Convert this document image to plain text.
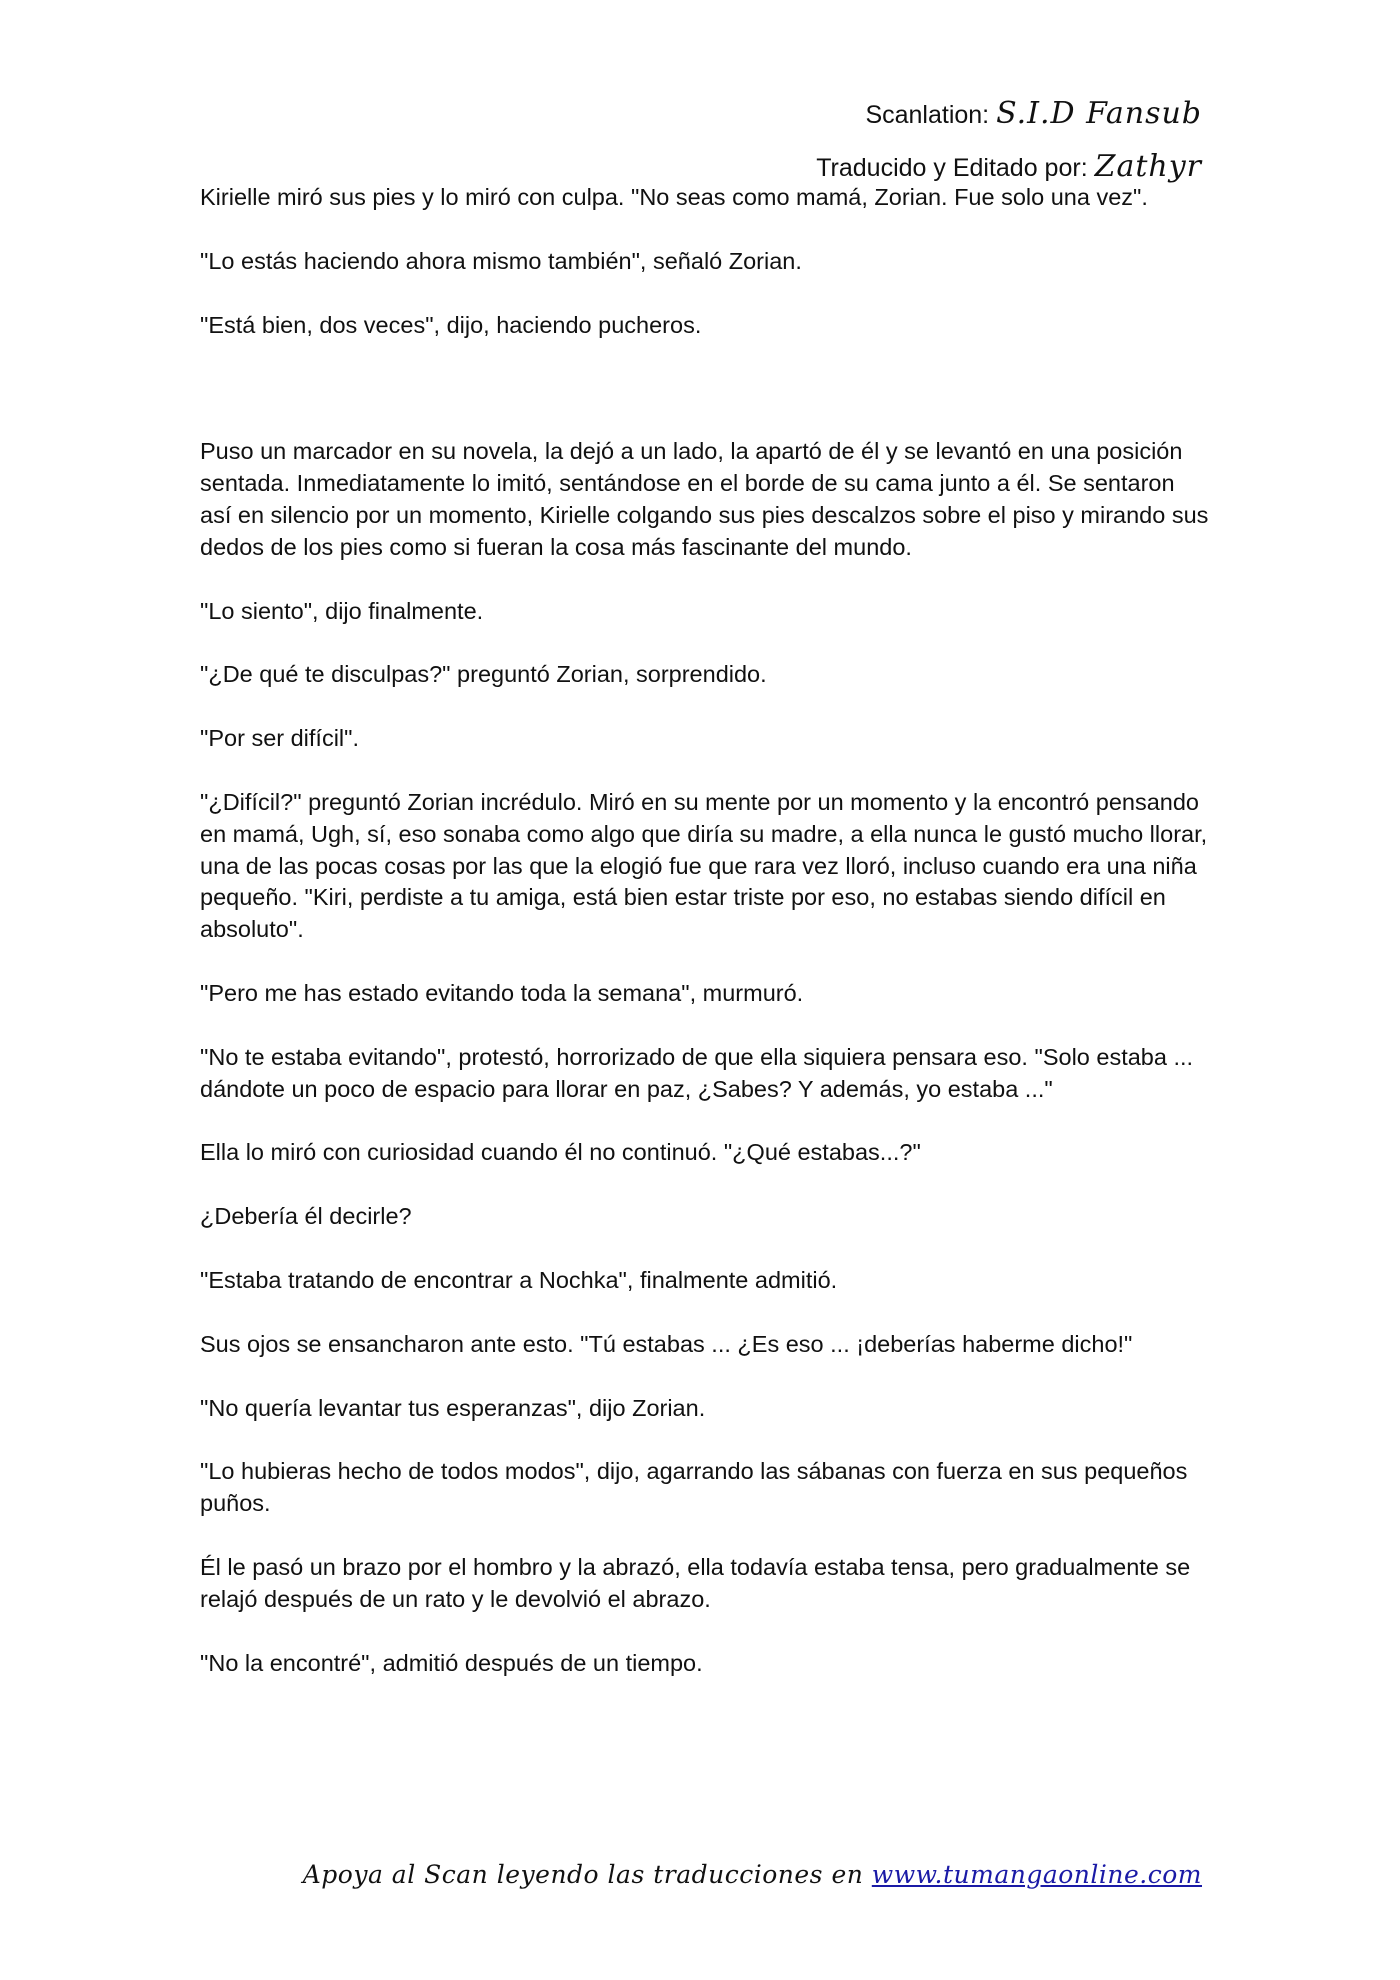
Scanlation: S.I.D Fansub
Traducido y Editado por: Zathyr

Kirielle miró sus pies y lo miró con culpa. "No seas como mamá, Zorian. Fue solo una vez".

"Lo estás haciendo ahora mismo también", señaló Zorian.

"Está bien, dos veces", dijo, haciendo pucheros.

Puso un marcador en su novela, la dejó a un lado, la apartó de él y se levantó en una posición sentada. Inmediatamente lo imitó, sentándose en el borde de su cama junto a él. Se sentaron así en silencio por un momento, Kirielle colgando sus pies descalzos sobre el piso y mirando sus dedos de los pies como si fueran la cosa más fascinante del mundo.

"Lo siento", dijo finalmente.

"¿De qué te disculpas?" preguntó Zorian, sorprendido.

"Por ser difícil".

"¿Difícil?" preguntó Zorian incrédulo. Miró en su mente por un momento y la encontró pensando en mamá, Ugh, sí, eso sonaba como algo que diría su madre, a ella nunca le gustó mucho llorar, una de las pocas cosas por las que la elogió fue que rara vez lloró, incluso cuando era una niña pequeño. "Kiri, perdiste a tu amiga, está bien estar triste por eso, no estabas siendo difícil en absoluto".

"Pero me has estado evitando toda la semana", murmuró.

"No te estaba evitando", protestó, horrorizado de que ella siquiera pensara eso. "Solo estaba ... dándote un poco de espacio para llorar en paz, ¿Sabes? Y además, yo estaba ..."

Ella lo miró con curiosidad cuando él no continuó. "¿Qué estabas...?"

¿Debería él decirle?

"Estaba tratando de encontrar a Nochka", finalmente admitió.

Sus ojos se ensancharon ante esto. "Tú estabas ... ¿Es eso ... ¡deberías haberme dicho!"

"No quería levantar tus esperanzas", dijo Zorian.

"Lo hubieras hecho de todos modos", dijo, agarrando las sábanas con fuerza en sus pequeños puños.

Él le pasó un brazo por el hombro y la abrazó, ella todavía estaba tensa, pero gradualmente se relajó después de un rato y le devolvió el abrazo.

"No la encontré", admitió después de un tiempo.

Apoya al Scan leyendo las traducciones en www.tumangaonline.com
